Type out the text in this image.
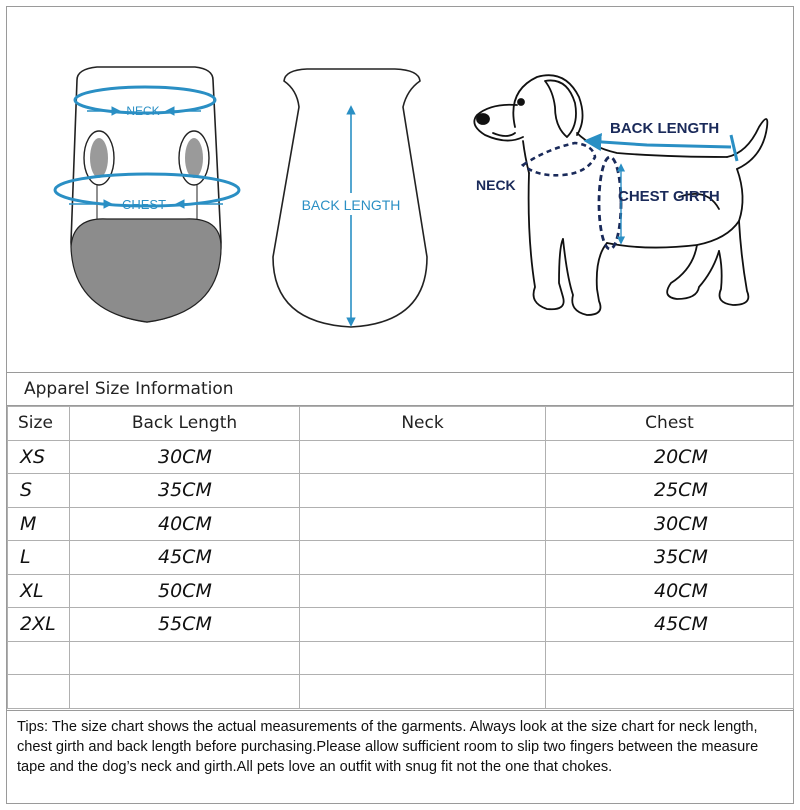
NECK
CHEST	BACK LENGTH
BACK LENGTH
NECK
CHEST GIRTH
Apparel Size Information
Size	Back Length	Neck	Chest
XS	30CM		20CM
S	35CM		25CM
M	40CM		30CM
L	45CM		35CM
XL	50CM		40CM
2XL	55CM		45CM

Tips: The size chart shows the actual measurements of the garments. Always look at the size chart for neck length, chest girth and back length before purchasing.Please allow sufficient room to slip two fingers between the measure tape and the dog’s neck and girth.All pets love an outfit with snug fit not the one that chokes.
